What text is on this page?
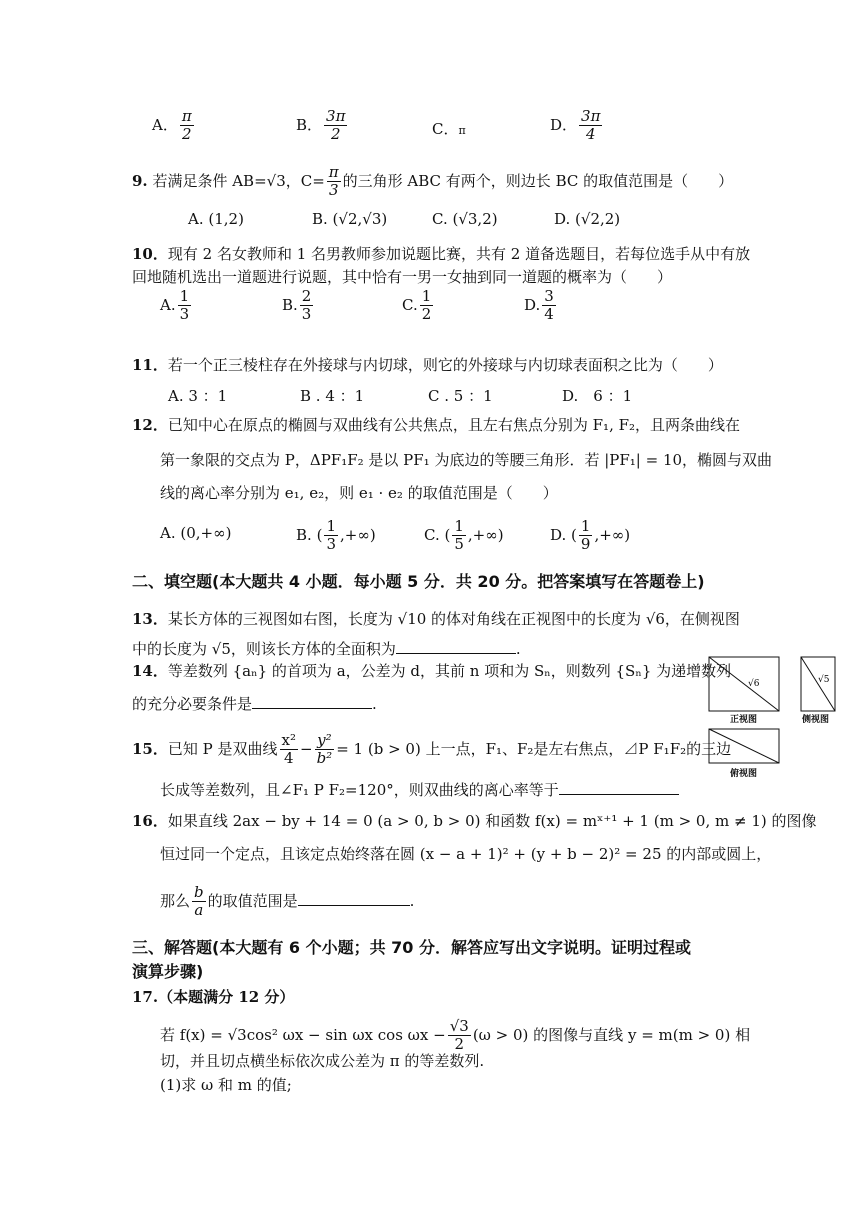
A． $\frac{\pi}{2}$	B． $\frac{3\pi}{2}$	C．π	D． $\frac{3\pi}{4}$
9. 若满足条件 AB=√3，$C= \frac{\pi}{3}$ 的三角形 ABC 有两个，则边长 BC 的取值范围是（　　）
A. (1,2)	B. (√2,√3)	C. (√3,2)	D. (√2,2)
10．现有 2 名女教师和 1 名男教师参加说题比赛，共有 2 道备选题目，若每位选手从中有放
回地随机选出一道题进行说题，其中恰有一男一女抽到同一道题的概率为（　　）
A. $\frac{1}{3}$	B. $\frac{2}{3}$	C. $\frac{1}{2}$	D. $\frac{3}{4}$
11．若一个正三棱柱存在外接球与内切球，则它的外接球与内切球表面积之比为（　　）
A. 3 ：1	B . 4 ：1	C . 5 ：1	D.　6 ：1
12．已知中心在原点的椭圆与双曲线有公共焦点，且左右焦点分别为 F₁, F₂，且两条曲线在
第一象限的交点为 P，ΔPF₁F₂ 是以 PF₁ 为底边的等腰三角形．若 |PF₁| = 10，椭圆与双曲
线的离心率分别为 e₁, e₂，则 e₁ · e₂ 的取值范围是（　　）
A. (0,+∞)	B. ( $\frac{1}{3}$ ,+∞)	C. ( $\frac{1}{5}$ ,+∞)	D. ( $\frac{1}{9}$ ,+∞)
二、填空题(本大题共 4 小题．每小题 5 分．共 20 分。把答案填写在答题卷上)
13．某长方体的三视图如右图，长度为 √10 的体对角线在正视图中的长度为 √6，在侧视图
中的长度为 √5，则该长方体的全面积为	.
14．等差数列 {aₙ} 的首项为 a，公差为 d，其前 n 项和为 Sₙ，则数列 {Sₙ} 为递增数列
的充分必要条件是	.
15．已知 P 是双曲线 $\frac{\text{x²}}{4} - \frac{\text{y²}}{\text{b²}} = 1$ (b > 0) 上一点，F₁、F₂是左右焦点，⊿P F₁F₂的三边
长成等差数列，且∠F₁ P F₂=120°，则双曲线的离心率等于
16．如果直线 2ax − by + 14 = 0 (a > 0, b > 0) 和函数 f(x) = mˣ⁺¹ + 1 (m > 0, m ≠ 1) 的图像
恒过同一个定点，且该定点始终落在圆 (x − a + 1)² + (y + b − 2)² = 25 的内部或圆上，
那么 $\frac{b}{a}$ 的取值范围是	.
三、解答题(本大题有 6 个小题；共 70 分．解答应写出文字说明。证明过程或
演算步骤)
17.（本题满分 12 分）
若 f(x) = √3cos² ωx − sin ωx $\cos \omega x - \frac{√3}{2} (\omega > 0)$ 的图像与直线 y = m(m > 0) 相
切，并且切点横坐标依次成公差为 π 的等差数列.
(1)求 ω 和 m 的值;
√6
正视图
√5
侧视图
俯视图
